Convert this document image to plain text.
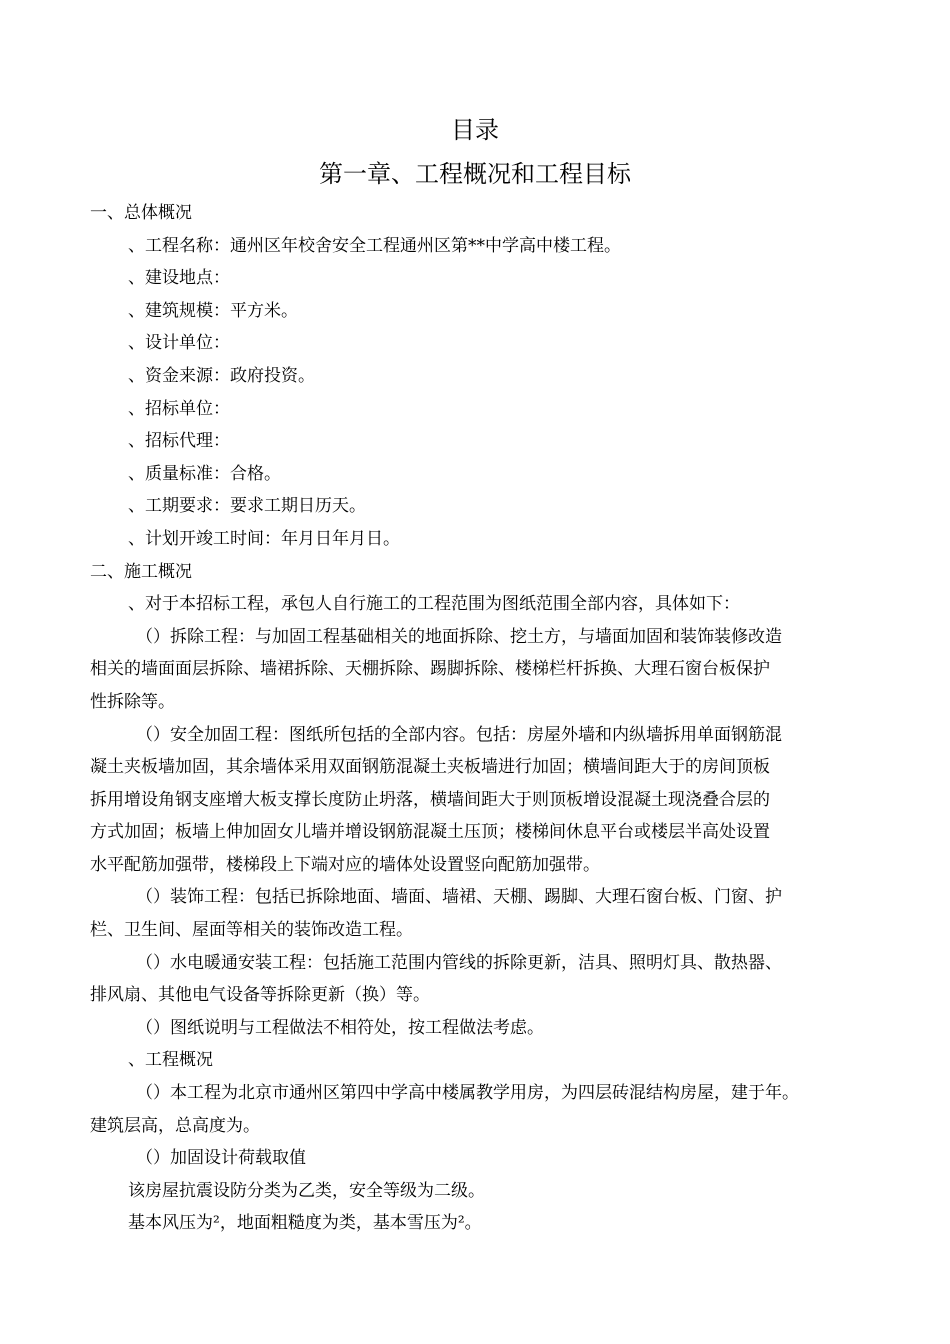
目录
第一章、工程概况和工程目标
一、总体概况
、工程名称：通州区年校舍安全工程通州区第**中学高中楼工程。
、建设地点：
、建筑规模：平方米。
、设计单位：
、资金来源：政府投资。
、招标单位：
、招标代理：
、质量标准：合格。
、工期要求：要求工期日历天。
、计划开竣工时间：年月日年月日。
二、施工概况
、对于本招标工程，承包人自行施工的工程范围为图纸范围全部内容，具体如下：
（）拆除工程：与加固工程基础相关的地面拆除、挖土方，与墙面加固和装饰装修改造
相关的墙面面层拆除、墙裙拆除、天棚拆除、踢脚拆除、楼梯栏杆拆换、大理石窗台板保护
性拆除等。
（）安全加固工程：图纸所包括的全部内容。包括：房屋外墙和内纵墙拆用单面钢筋混
凝土夹板墙加固，其余墙体采用双面钢筋混凝土夹板墙进行加固；横墙间距大于的房间顶板
拆用增设角钢支座增大板支撑长度防止坍落，横墙间距大于则顶板增设混凝土现浇叠合层的
方式加固；板墙上伸加固女儿墙并增设钢筋混凝土压顶；楼梯间休息平台或楼层半高处设置
水平配筋加强带，楼梯段上下端对应的墙体处设置竖向配筋加强带。
（）装饰工程：包括已拆除地面、墙面、墙裙、天棚、踢脚、大理石窗台板、门窗、护
栏、卫生间、屋面等相关的装饰改造工程。
（）水电暖通安装工程：包括施工范围内管线的拆除更新，洁具、照明灯具、散热器、
排风扇、其他电气设备等拆除更新（换）等。
（）图纸说明与工程做法不相符处，按工程做法考虑。
、工程概况
（）本工程为北京市通州区第四中学高中楼属教学用房，为四层砖混结构房屋，建于年。
建筑层高，总高度为。
（）加固设计荷载取值
该房屋抗震设防分类为乙类，安全等级为二级。
基本风压为²，地面粗糙度为类，基本雪压为²。
